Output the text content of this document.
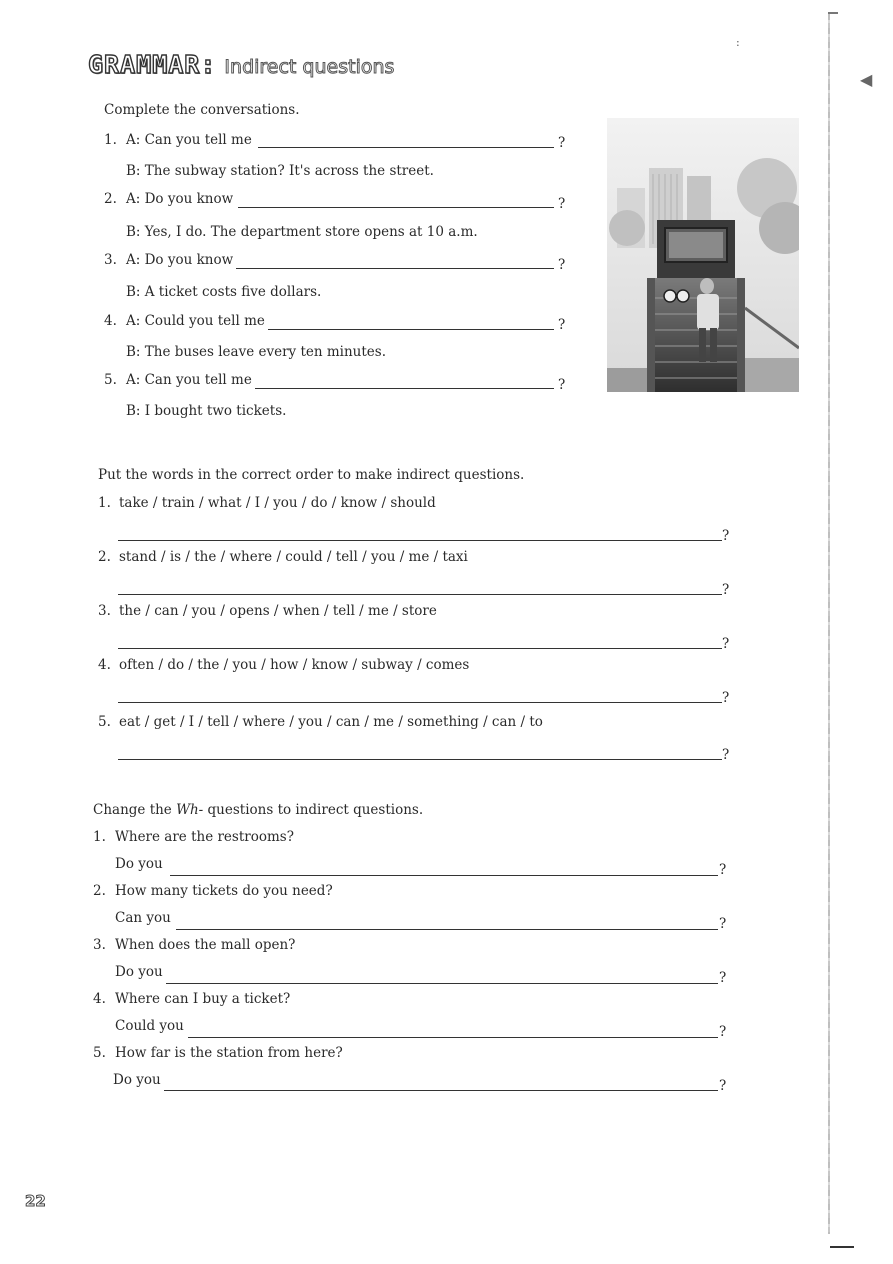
GRAMMAR: Indirect questions
:
Complete the conversations.
1. A: Can you tell me	?
B: The subway station? It's across the street.
2. A: Do you know	?
B: Yes, I do. The department store opens at 10 a.m.
3. A: Do you know	?
B: A ticket costs five dollars.
4. A: Could you tell me	?
B: The buses leave every ten minutes.
5. A: Can you tell me	?
B: I bought two tickets.
Put the words in the correct order to make indirect questions.
1. take / train / what / I / you / do / know / should
?
2. stand / is / the / where / could / tell / you / me / taxi
?
3. the / can / you / opens / when / tell / me / store
?
4. often / do / the / you / how / know / subway / comes
?
5. eat / get / I / tell / where / you / can / me / something / can / to
?
Change the Wh- questions to indirect questions.
1. Where are the restrooms?
Do you	?
2. How many tickets do you need?
Can you	?
3. When does the mall open?
Do you	?
4. Where can I buy a ticket?
Could you	?
5. How far is the station from here?
Do you	?
◀
22
